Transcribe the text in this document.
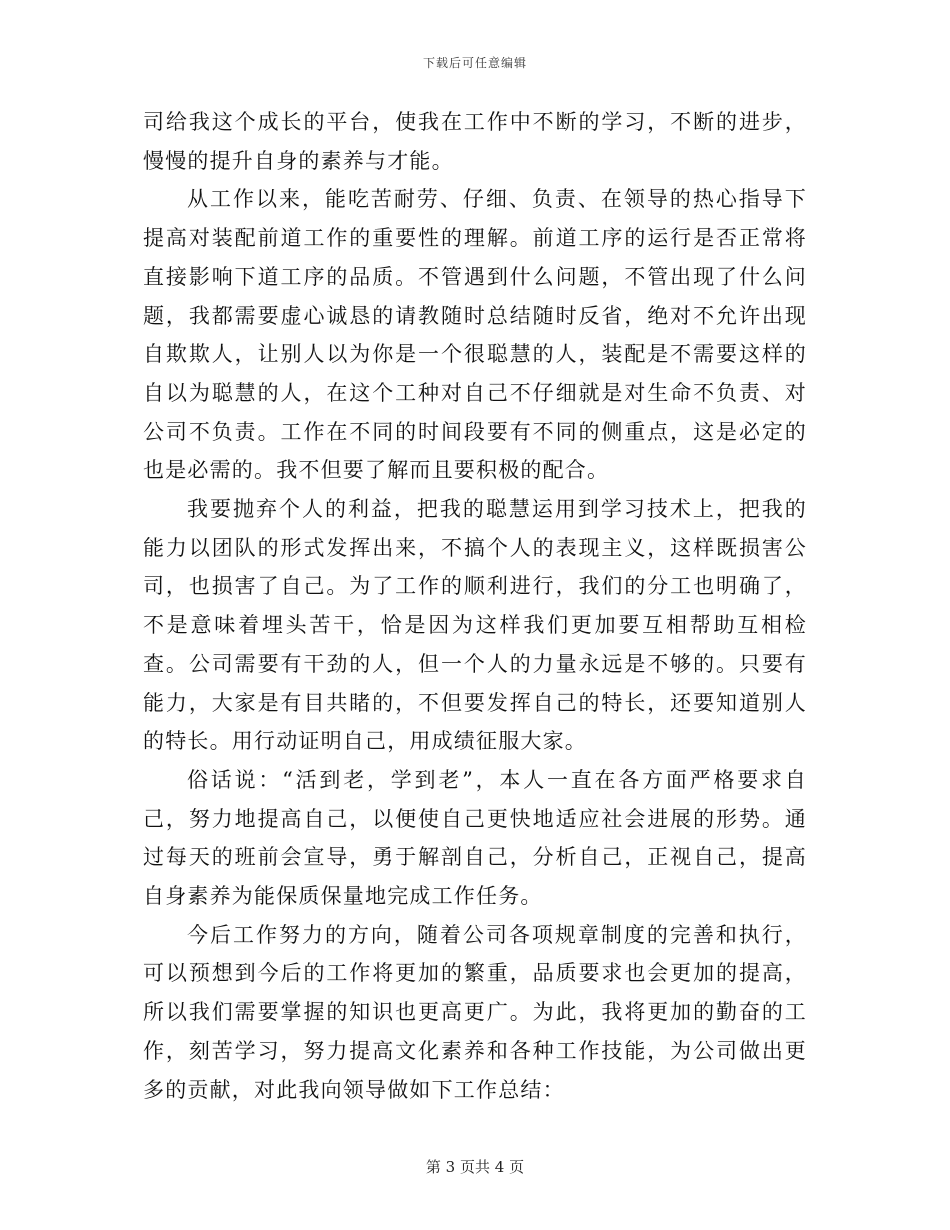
下载后可任意编辑

司给我这个成长的平台，使我在工作中不断的学习，不断的进步，慢慢的提升自身的素养与才能。

从工作以来，能吃苦耐劳、仔细、负责、在领导的热心指导下提高对装配前道工作的重要性的理解。前道工序的运行是否正常将直接影响下道工序的品质。不管遇到什么问题，不管出现了什么问题，我都需要虚心诚恳的请教随时总结随时反省，绝对不允许出现自欺欺人，让别人以为你是一个很聪慧的人，装配是不需要这样的自以为聪慧的人，在这个工种对自己不仔细就是对生命不负责、对公司不负责。工作在不同的时间段要有不同的侧重点，这是必定的也是必需的。我不但要了解而且要积极的配合。

我要抛弃个人的利益，把我的聪慧运用到学习技术上，把我的能力以团队的形式发挥出来，不搞个人的表现主义，这样既损害公司，也损害了自己。为了工作的顺利进行，我们的分工也明确了，不是意味着埋头苦干，恰是因为这样我们更加要互相帮助互相检查。公司需要有干劲的人，但一个人的力量永远是不够的。只要有能力，大家是有目共睹的，不但要发挥自己的特长，还要知道别人的特长。用行动证明自己，用成绩征服大家。

俗话说：“活到老，学到老”，本人一直在各方面严格要求自己，努力地提高自己，以便使自己更快地适应社会进展的形势。通过每天的班前会宣导，勇于解剖自己，分析自己，正视自己，提高自身素养为能保质保量地完成工作任务。

今后工作努力的方向，随着公司各项规章制度的完善和执行，可以预想到今后的工作将更加的繁重，品质要求也会更加的提高，所以我们需要掌握的知识也更高更广。为此，我将更加的勤奋的工作，刻苦学习，努力提高文化素养和各种工作技能，为公司做出更多的贡献，对此我向领导做如下工作总结：

第 3 页共 4 页
